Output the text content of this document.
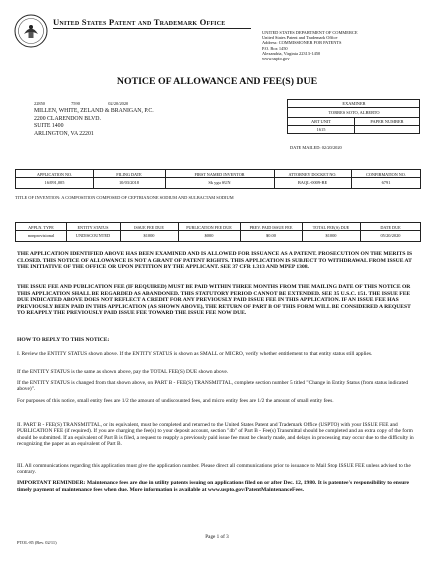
United States Patent and Trademark Office
UNITED STATES DEPARTMENT OF COMMERCE
United States Patent and Trademark Office
Address: COMMISSIONER FOR PATENTS
P.O. Box 1450
Alexandria, Virginia 22313-1450
www.uspto.gov
NOTICE OF ALLOWANCE AND FEE(S) DUE
22850	7590	02/20/2020
MILLEN, WHITE, ZELAND & BRANIGAN, P.C.
2200 CLARENDON BLVD.
SUITE 1400
ARLINGTON, VA 22201
EXAMINER
TORRES SOTO, ALBERTO
ART UNIT	PAPER NUMBER
1615
DATE MAILED: 02/20/2020
APPLICATION NO.	FILING DATE	FIRST NAMED INVENTOR	ATTORNEY DOCKET NO.	CONFIRMATION NO.
16/091,005	10/03/2018	Sk ygu SUN	BAQL-0009-BE	6791
TITLE OF INVENTION: A COMPOSITION COMPOSED OF CEFTRIAXONE SODIUM AND SULBACTAM SODIUM
APPLN. TYPE	ENTITY STATUS	ISSUE FEE DUE	PUBLICATION FEE DUE	PREV. PAID ISSUE FEE	TOTAL FEE(S) DUE	DATE DUE
nonprovisional	UNDISCOUNTED	$1000	$000	$0.00	$1000	05/20/2020

THE APPLICATION IDENTIFIED ABOVE HAS BEEN EXAMINED AND IS ALLOWED FOR ISSUANCE AS A PATENT. PROSECUTION ON THE MERITS IS CLOSED. THIS NOTICE OF ALLOWANCE IS NOT A GRANT OF PATENT RIGHTS. THIS APPLICATION IS SUBJECT TO WITHDRAWAL FROM ISSUE AT THE INITIATIVE OF THE OFFICE OR UPON PETITION BY THE APPLICANT. SEE 37 CFR 1.313 AND MPEP 1308.

THE ISSUE FEE AND PUBLICATION FEE (IF REQUIRED) MUST BE PAID WITHIN THREE MONTHS FROM THE MAILING DATE OF THIS NOTICE OR THIS APPLICATION SHALL BE REGARDED AS ABANDONED. THIS STATUTORY PERIOD CANNOT BE EXTENDED. SEE 35 U.S.C. 151. THE ISSUE FEE DUE INDICATED ABOVE DOES NOT REFLECT A CREDIT FOR ANY PREVIOUSLY PAID ISSUE FEE IN THIS APPLICATION. IF AN ISSUE FEE HAS PREVIOUSLY BEEN PAID IN THIS APPLICATION (AS SHOWN ABOVE), THE RETURN OF PART B OF THIS FORM WILL BE CONSIDERED A REQUEST TO REAPPLY THE PREVIOUSLY PAID ISSUE FEE TOWARD THE ISSUE FEE NOW DUE.

HOW TO REPLY TO THIS NOTICE:

I. Review the ENTITY STATUS shown above. If the ENTITY STATUS is shown as SMALL or MICRO, verify whether entitlement to that entity status still applies.

If the ENTITY STATUS is the same as shown above, pay the TOTAL FEE(S) DUE shown above.

If the ENTITY STATUS is changed from that shown above, on PART B - FEE(S) TRANSMITTAL, complete section number 5 titled "Change in Entity Status (from status indicated above)".

For purposes of this notice, small entity fees are 1/2 the amount of undiscounted fees, and micro entity fees are 1/2 the amount of small entity fees.

II. PART B - FEE(S) TRANSMITTAL, or its equivalent, must be completed and returned to the United States Patent and Trademark Office (USPTO) with your ISSUE FEE and PUBLICATION FEE (if required). If you are charging the fee(s) to your deposit account, section "4b" of Part B - Fee(s) Transmittal should be completed and an extra copy of the form should be submitted. If an equivalent of Part B is filed, a request to reapply a previously paid issue fee must be clearly made, and delays in processing may occur due to the difficulty in recognizing the paper as an equivalent of Part B.

III. All communications regarding this application must give the application number. Please direct all communications prior to issuance to Mail Stop ISSUE FEE unless advised to the contrary.

IMPORTANT REMINDER: Maintenance fees are due in utility patents issuing on applications filed on or after Dec. 12, 1980. It is patentee's responsibility to ensure timely payment of maintenance fees when due. More information is available at www.uspto.gov/PatentMaintenanceFees.

PTOL-85 (Rev. 02/11)
Page 1 of 3
